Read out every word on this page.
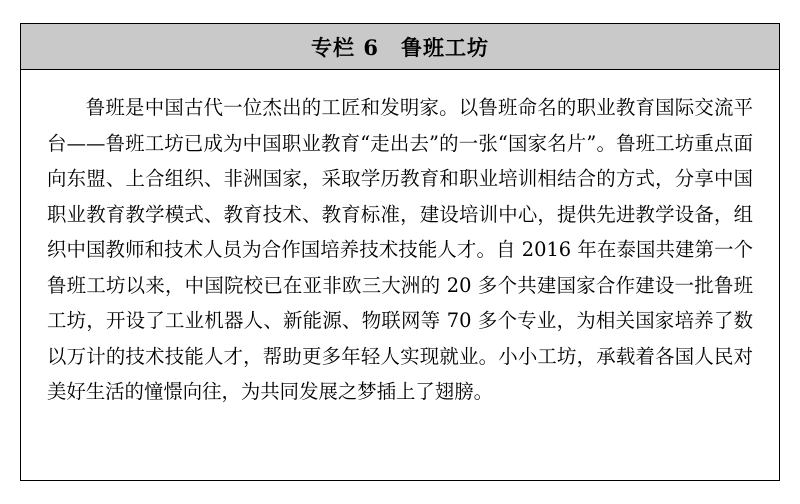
专栏 6　鲁班工坊

鲁班是中国古代一位杰出的工匠和发明家。以鲁班命名的职业教育国际交流平台——鲁班工坊已成为中国职业教育“走出去”的一张“国家名片”。鲁班工坊重点面向东盟、上合组织、非洲国家，采取学历教育和职业培训相结合的方式，分享中国职业教育教学模式、教育技术、教育标准，建设培训中心，提供先进教学设备，组织中国教师和技术人员为合作国培养技术技能人才。自 2016 年在泰国共建第一个鲁班工坊以来，中国院校已在亚非欧三大洲的 20 多个共建国家合作建设一批鲁班工坊，开设了工业机器人、新能源、物联网等 70 多个专业，为相关国家培养了数以万计的技术技能人才，帮助更多年轻人实现就业。小小工坊，承载着各国人民对美好生活的憧憬向往，为共同发展之梦插上了翅膀。
